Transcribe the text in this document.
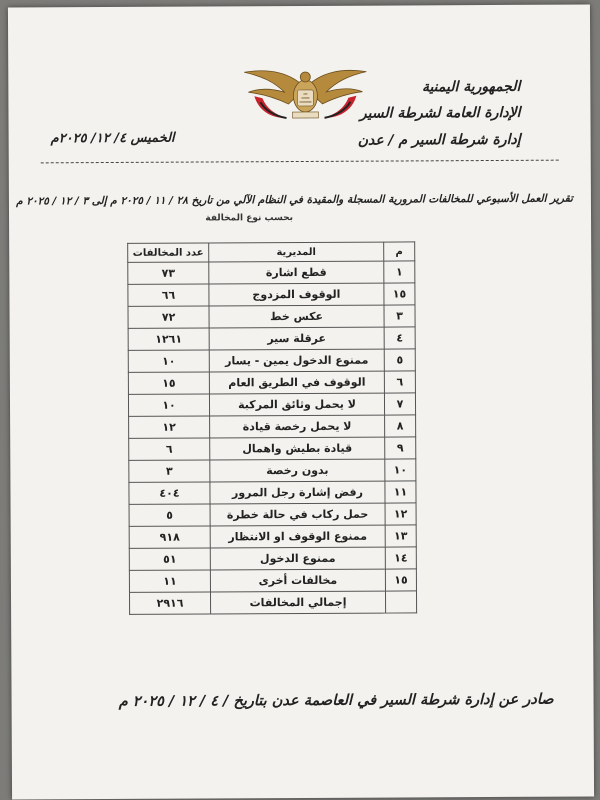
الجمهورية اليمنية
الإدارة العامة لشرطة السير
إدارة شرطة السير م / عدن
الخميس ٤/ ١٢/ ٢٠٢٥م
تقرير العمل الأسبوعي للمخالفات المرورية المسجلة والمقيدة في النظام الآلي من تاريخ ٢٨ / ١١ / ٢٠٢٥ م إلى ٣ / ١٢ / ٢٠٢٥ م
بحسب نوع المخالفة
م	المديرية	عدد المخالفات
١	قطع اشارة	٧٣
١٥	الوقوف المزدوج	٦٦
٣	عكس خط	٧٢
٤	عرقلة سير	١٢٦١
٥	ممنوع الدخول يمين - يسار	١٠
٦	الوقوف في الطريق العام	١٥
٧	لا يحمل وثائق المركبة	١٠
٨	لا يحمل رخصة قيادة	١٢
٩	قيادة بطيش واهمال	٦
١٠	بدون رخصة	٣
١١	رفض إشارة رجل المرور	٤٠٤
١٢	حمل ركاب في حالة خطرة	٥
١٣	ممنوع الوقوف او الانتظار	٩١٨
١٤	ممنوع الدخول	٥١
١٥	مخالفات أخرى	١١
	إجمالي المخالفات	٢٩١٦
صادر عن إدارة شرطة السير في العاصمة عدن بتاريخ / ٤ / ١٢ / ٢٠٢٥ م
